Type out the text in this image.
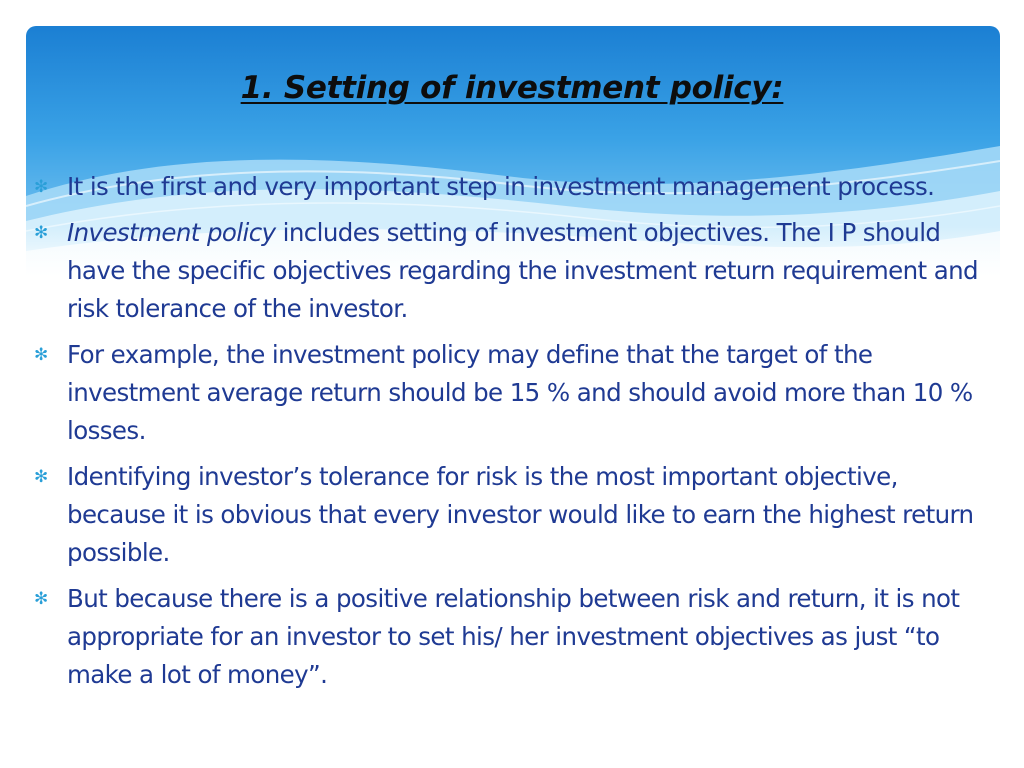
1. Setting of investment policy:
✻ It is the first and very important step in investment management process.
✻ Investment policy includes setting of investment objectives. The I P should have the specific objectives regarding the investment return requirement and risk tolerance of the investor.
✻ For example, the investment policy may define that the target of the investment average return should be 15 % and should avoid more than 10 % losses.
✻ Identifying investor’s tolerance for risk is the most important objective, because it is obvious that every investor would like to earn the highest return possible.
✻ But because there is a positive relationship between risk and return, it is not appropriate for an investor to set his/ her investment objectives as just “to make a lot of money”.
